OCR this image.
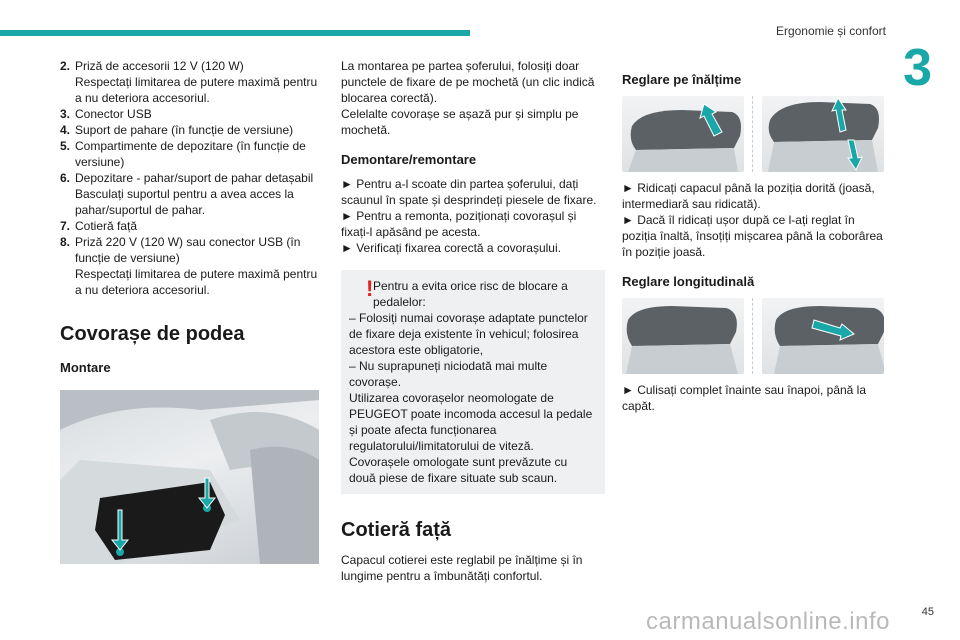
Ergonomie și confort
3
2. Priză de accesorii 12 V (120 W)
Respectați limitarea de putere maximă pentru a nu deteriora accesoriul.
3. Conector USB
4. Suport de pahare (în funcție de versiune)
5. Compartimente de depozitare (în funcție de versiune)
6. Depozitare - pahar/suport de pahar detașabil
Basculați suportul pentru a avea acces la pahar/suportul de pahar.
7. Cotieră față
8. Priză 220 V (120 W) sau conector USB (în funcție de versiune)
Respectați limitarea de putere maximă pentru a nu deteriora accesoriul.
Covorașe de podea
Montare

La montarea pe partea șoferului, folosiți doar punctele de fixare de pe mochetă (un clic indică blocarea corectă).

Celelalte covorașe se așază pur și simplu pe mochetă.

Demontare/remontare

► Pentru a-l scoate din partea șoferului, dați scaunul în spate și desprindeți piesele de fixare.

► Pentru a remonta, poziționați covorașul și fixați-l apăsând pe acesta.

► Verificați fixarea corectă a covorașului.

! Pentru a evita orice risc de blocare a pedalelor:

– Folosiți numai covorașe adaptate punctelor de fixare deja existente în vehicul; folosirea acestora este obligatorie,

– Nu suprapuneți niciodată mai multe covorașe.

Utilizarea covorașelor neomologate de PEUGEOT poate incomoda accesul la pedale și poate afecta funcționarea regulatorului/limitatorului de viteză.

Covorașele omologate sunt prevăzute cu două piese de fixare situate sub scaun.

Cotieră față

Capacul cotierei este reglabil pe înălțime și în lungime pentru a îmbunătăți confortul.

Reglare pe înălțime

► Ridicați capacul până la poziția dorită (joasă, intermediară sau ridicată).

► Dacă îl ridicați ușor după ce l-ați reglat în poziția înaltă, însoțiți mișcarea până la coborârea în poziție joasă.

Reglare longitudinală

► Culisați complet înainte sau înapoi, până la capăt.

45
carmanualsonline.info
